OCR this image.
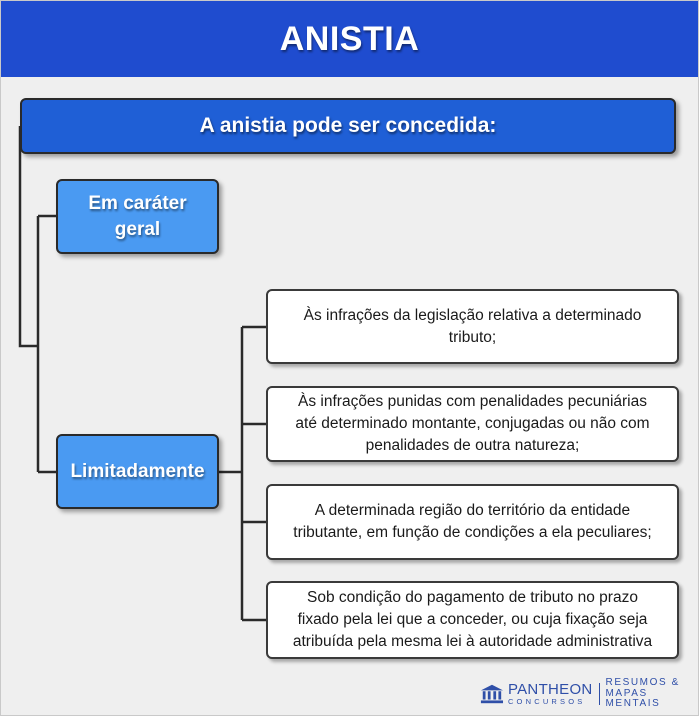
ANISTIA
A anistia pode ser concedida:
Em caráter
geral
Limitadamente
Às infrações da legislação relativa a determinado
tributo;
Às infrações punidas com penalidades pecuniárias
até determinado montante, conjugadas ou não com
penalidades de outra natureza;
A determinada região do território da entidade
tributante, em função de condições a ela peculiares;
Sob condição do pagamento de tributo no prazo
fixado pela lei que a conceder, ou cuja fixação seja
atribuída pela mesma lei à autoridade administrativa
PANTHEON
CONCURSOS
RESUMOS &
MAPAS MENTAIS
